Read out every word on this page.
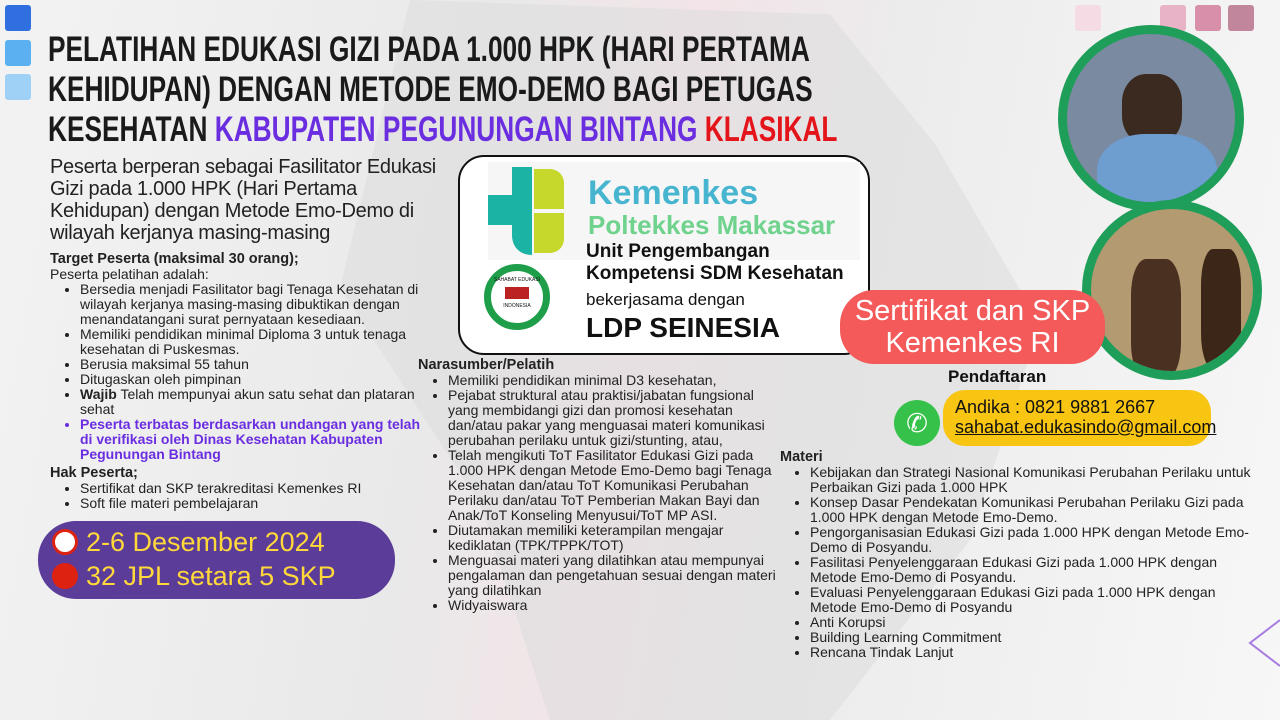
PELATIHAN EDUKASI GIZI PADA 1.000 HPK (HARI PERTAMA
KEHIDUPAN) DENGAN METODE EMO-DEMO BAGI PETUGAS
KESEHATAN KABUPATEN PEGUNUNGAN BINTANG KLASIKAL
Peserta berperan sebagai Fasilitator Edukasi Gizi pada 1.000 HPK (Hari Pertama Kehidupan) dengan Metode Emo-Demo di wilayah kerjanya masing-masing
Target Peserta (maksimal 30 orang);
Peserta pelatihan adalah:
• Bersedia menjadi Fasilitator bagi Tenaga Kesehatan di wilayah kerjanya masing-masing dibuktikan dengan menandatangani surat pernyataan kesediaan.
• Memiliki pendidikan minimal Diploma 3 untuk tenaga kesehatan di Puskesmas.
• Berusia maksimal 55 tahun
• Ditugaskan oleh pimpinan
• Wajib Telah mempunyai akun satu sehat dan plataran sehat
• Peserta terbatas berdasarkan undangan yang telah di verifikasi oleh Dinas Kesehatan Kabupaten Pegunungan Bintang
Hak Peserta;
• Sertifikat dan SKP terakreditasi Kemenkes RI
• Soft file materi pembelajaran
2-6 Desember 2024
32 JPL setara 5 SKP
Kemenkes
Poltekkes Makassar
Unit Pengembangan
Kompetensi SDM Kesehatan
bekerjasama dengan
LDP SEINESIA
SAHABAT EDUKASI
INDONESIA
Narasumber/Pelatih
• Memiliki pendidikan minimal D3 kesehatan,
• Pejabat struktural atau praktisi/jabatan fungsional yang membidangi gizi dan promosi kesehatan dan/atau pakar yang menguasai materi komunikasi perubahan perilaku untuk gizi/stunting, atau,
• Telah mengikuti ToT Fasilitator Edukasi Gizi pada 1.000 HPK dengan Metode Emo-Demo bagi Tenaga Kesehatan dan/atau ToT Komunikasi Perubahan Perilaku dan/atau ToT Pemberian Makan Bayi dan Anak/ToT Konseling Menyusui/ToT MP ASI.
• Diutamakan memiliki keterampilan mengajar kediklatan (TPK/TPPK/TOT)
• Menguasai materi yang dilatihkan atau mempunyai pengalaman dan pengetahuan sesuai dengan materi yang dilatihkan
• Widyaiswara
Sertifikat dan SKP
Kemenkes RI
Pendaftaran
✆
Andika : 0821 9881 2667
sahabat.edukasindo@gmail.com
Materi
• Kebijakan dan Strategi Nasional Komunikasi Perubahan Perilaku untuk Perbaikan Gizi pada 1.000 HPK
• Konsep Dasar Pendekatan Komunikasi Perubahan Perilaku Gizi pada 1.000 HPK dengan Metode Emo-Demo.
• Pengorganisasian Edukasi Gizi pada 1.000 HPK dengan Metode Emo-Demo di Posyandu.
• Fasilitasi Penyelenggaraan Edukasi Gizi pada 1.000 HPK dengan Metode Emo-Demo di Posyandu.
• Evaluasi Penyelenggaraan Edukasi Gizi pada 1.000 HPK dengan Metode Emo-Demo di Posyandu
• Anti Korupsi
• Building Learning Commitment
• Rencana Tindak Lanjut
